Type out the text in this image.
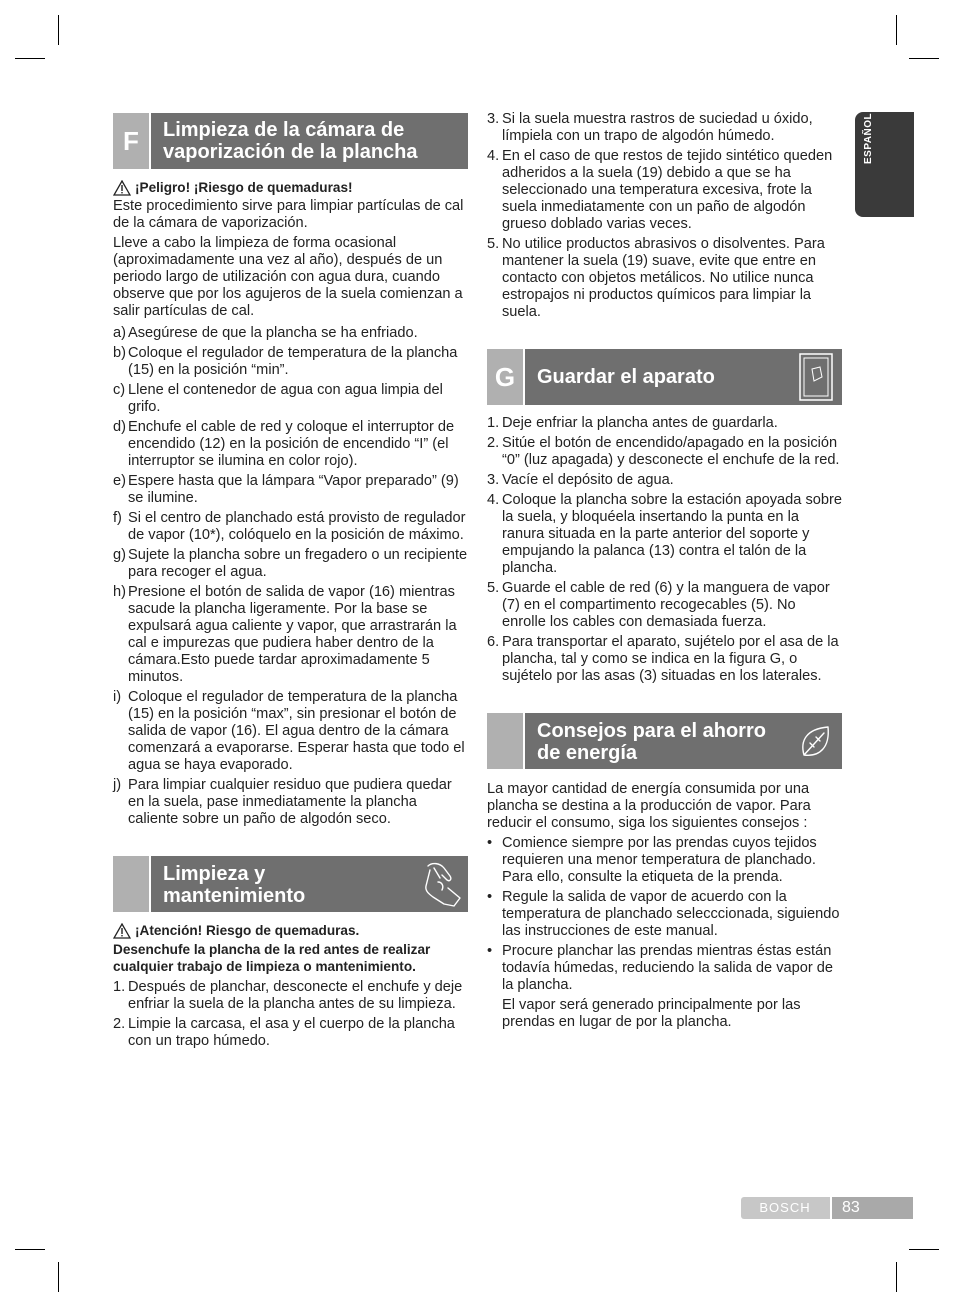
ESPAÑOL
F	Limpieza de la cámara de vaporización de la plancha
¡Peligro! ¡Riesgo de quemaduras!

Este procedimiento sirve para limpiar partículas de cal de la cámara de vaporización.

Lleve a cabo la limpieza de forma ocasional (aproximadamente una vez al año), después de un periodo largo de utilización con agua dura, cuando observe que por los agujeros de la suela comienzan a salir partículas de cal.

a) Asegúrese de que la plancha se ha enfriado.
b) Coloque el regulador de temperatura de la plancha (15) en la posición “min”.
c) Llene el contenedor de agua con agua limpia del grifo.
d) Enchufe el cable de red y coloque el interruptor de encendido (12) en la posición de encendido “I” (el interruptor se ilumina en color rojo).
e) Espere hasta que la lámpara “Vapor preparado” (9) se ilumine.
f) Si el centro de planchado está provisto de regulador de vapor (10*), colóquelo en la posición de máximo.
g) Sujete la plancha sobre un fregadero o un recipiente para recoger el agua.
h) Presione el botón de salida de vapor (16) mientras sacude la plancha ligeramente. Por la base se expulsará agua caliente y vapor, que arrastrarán la cal e impurezas que pudiera haber dentro de la cámara.Esto puede tardar aproximadamente 5 minutos.
i) Coloque el regulador de temperatura de la plancha (15) en la posición “max”, sin presionar el botón de salida de vapor (16). El agua dentro de la cámara comenzará a evaporarse. Esperar hasta que todo el agua se haya evaporado.
j) Para limpiar cualquier residuo que pudiera quedar en la suela, pase inmediatamente la plancha caliente sobre un paño de algodón seco.
Limpieza y mantenimiento
¡Atención! Riesgo de quemaduras.

Desenchufe la plancha de la red antes de realizar cualquier trabajo de limpieza o mantenimiento.

1. Después de planchar, desconecte el enchufe y deje enfriar la suela de la plancha antes de su limpieza.
2. Limpie la carcasa, el asa y el cuerpo de la plancha con un trapo húmedo.
3. Si la suela muestra rastros de suciedad u óxido, límpiela con un trapo de algodón húmedo.
4. En el caso de que restos de tejido sintético queden adheridos a la suela (19) debido a que se ha seleccionado una temperatura excesiva, frote la suela inmediatamente con un paño de algodón grueso doblado varias veces.
5. No utilice productos abrasivos o disolventes. Para mantener la suela (19) suave, evite que entre en contacto con objetos metálicos. No utilice nunca estropajos ni productos químicos para limpiar la suela.
G	Guardar el aparato
1. Deje enfriar la plancha antes de guardarla.
2. Sitúe el botón de encendido/apagado en la posición “0” (luz apagada) y desconecte el enchufe de la red.
3. Vacíe el depósito de agua.
4. Coloque la plancha sobre la estación apoyada sobre la suela, y bloquéela insertando la punta en la ranura situada en la parte anterior del soporte y empujando la palanca (13) contra el talón de la plancha.
5. Guarde el cable de red (6) y la manguera de vapor (7) en el compartimento recogecables (5). No enrolle los cables con demasiada fuerza.
6. Para transportar el aparato, sujételo por el asa de la plancha, tal y como se indica en la figura G, o sujételo por las asas (3) situadas en los laterales.
Consejos para el ahorro de energía

La mayor cantidad de energía consumida por una plancha se destina a la producción de vapor. Para reducir el consumo, siga los siguientes consejos :

• Comience siempre por las prendas cuyos tejidos requieren una menor temperatura de planchado. Para ello, consulte la etiqueta de la prenda.
• Regule la salida de vapor de acuerdo con la temperatura de planchado selecccionada, siguiendo las instrucciones de este manual.
• Procure planchar las prendas mientras éstas están todavía húmedas, reduciendo la salida de vapor de la plancha.
El vapor será generado principalmente por las prendas en lugar de por la plancha.
BOSCH	83
